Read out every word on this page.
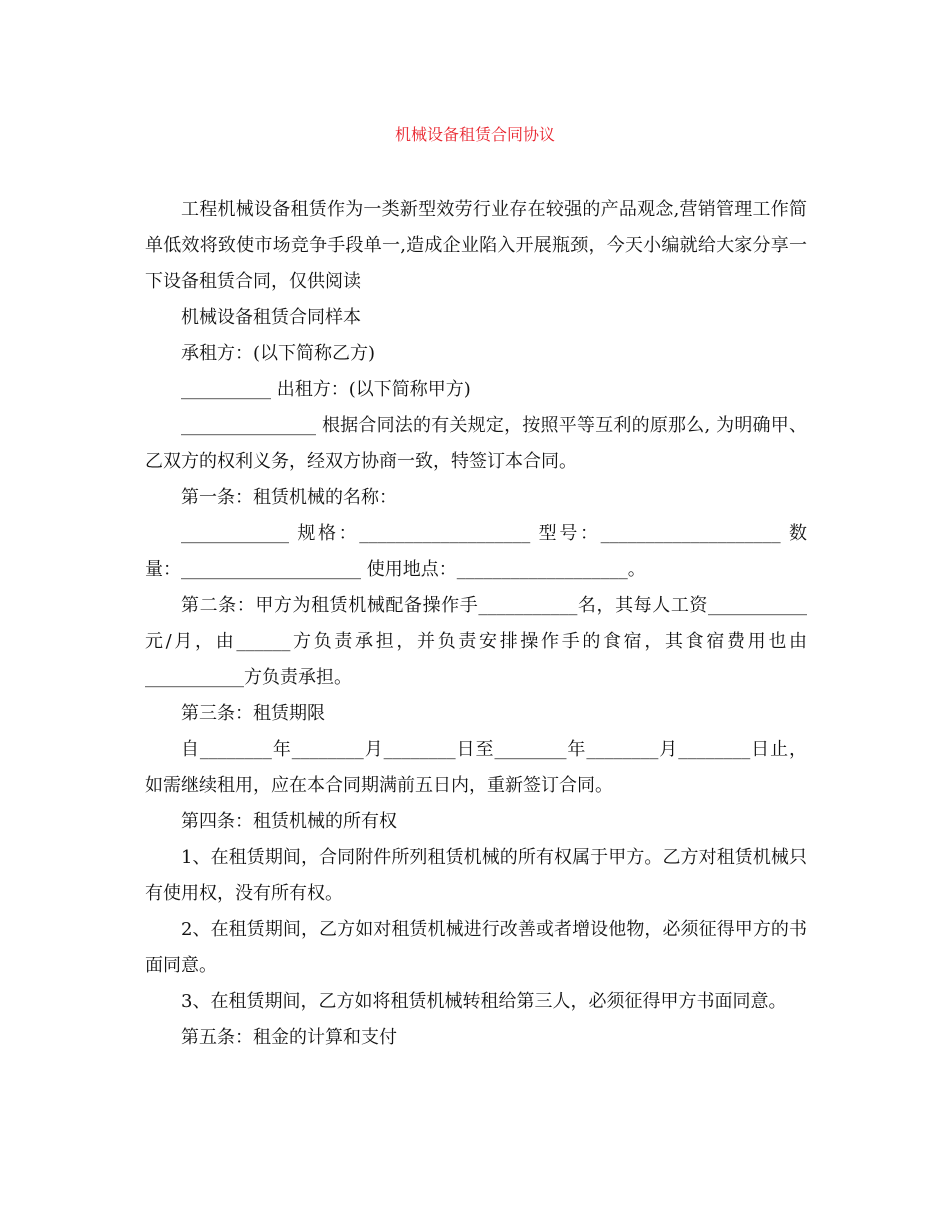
机械设备租赁合同协议

工程机械设备租赁作为一类新型效劳行业存在较强的产品观念,营销管理工作简单低效将致使市场竞争手段单一,造成企业陷入开展瓶颈，今天小编就给大家分享一下设备租赁合同，仅供阅读

机械设备租赁合同样本

承租方：(以下简称乙方)

__________ 出租方：(以下简称甲方)

_______________ 根据合同法的有关规定，按照平等互利的原那么, 为明确甲、乙双方的权利义务，经双方协商一致，特签订本合同。

第一条：租赁机械的名称：

____________ 规格：___________________ 型号：____________________ 数量：____________________ 使用地点：___________________。

第二条：甲方为租赁机械配备操作手___________名，其每人工资___________元/月，由______方负责承担，并负责安排操作手的食宿，其食宿费用也由___________方负责承担。

第三条：租赁期限

自________年________月________日至________年________月________日止，如需继续租用，应在本合同期满前五日内，重新签订合同。

第四条：租赁机械的所有权

1、在租赁期间，合同附件所列租赁机械的所有权属于甲方。乙方对租赁机械只有使用权，没有所有权。

2、在租赁期间，乙方如对租赁机械进行改善或者增设他物，必须征得甲方的书面同意。

3、在租赁期间，乙方如将租赁机械转租给第三人，必须征得甲方书面同意。

第五条：租金的计算和支付
